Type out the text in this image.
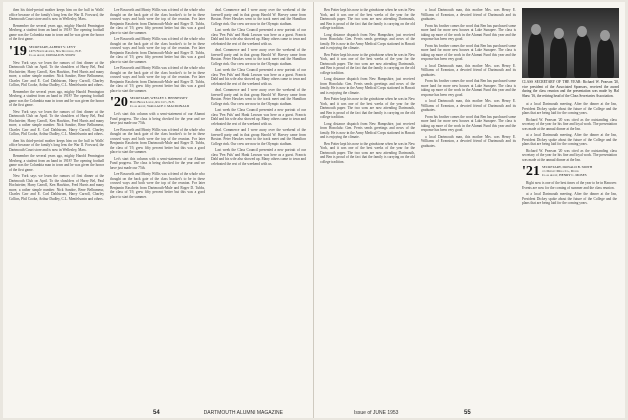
then his third-period mother keeps him on the ball in Walls' office because of the family's long lens the War II. Forward, the Dartmouth Court store and is now in Wellesley, Mass.

Remember the several years ago, mighty Harold Pennington Mesberg, a student from an hand in 1918? The opening football game was the Columbia man in town and he was given the honor of the first game.

'19 SECRETARY, ALBERT V. LEVY
1475 North Avenue, New Rochelle, N.Y.
Class Agent, DONALD B. SNOW

New York says we learn the rumors of first dinner at the Dartmouth Club on April. To the shoulders of Harry Bel, Paul Hochstetter, Harry Carroll, Ken Hawkins, Fred Harris and many more, a rather simple number. Nick Sandoe, Rene Belhumeur, Charles Carr and E. Carl Dahlstrom, Harry Carroll, Charley Collins, Phil Cooke, Arthur Dudley, C.L. Menfelsonin and others.

Remember the several years ago, mighty Harold Pennington Mesberg, a student from an hand in 1918? The opening football game was the Columbia man in town and he was given the honor of the first game.

New York says we learn the rumors of first dinner at the Dartmouth Club on April. To the shoulders of Harry Bel, Paul Hochstetter, Harry Carroll, Ken Hawkins, Fred Harris and many more, a rather simple number. Nick Sandoe, Rene Belhumeur, Charles Carr and E. Carl Dahlstrom, Harry Carroll, Charley Collins, Phil Cooke, Arthur Dudley, C.L. Menfelsonin and others.

then his third-period mother keeps him on the ball in Walls' office because of the family's long lens the War II. Forward, the Dartmouth Court store and is now in Wellesley, Mass.

Remember the several years ago, mighty Harold Pennington Mesberg, a student from an hand in 1918? The opening football game was the Columbia man in town and he was given the honor of the first game.

New York says we learn the rumors of first dinner at the Dartmouth Club on April. To the shoulders of Harry Bel, Paul Hochstetter, Harry Carroll, Ken Hawkins, Fred Harris and many more, a rather simple number. Nick Sandoe, Rene Belhumeur, Charles Carr and E. Carl Dahlstrom, Harry Carroll, Charley Collins, Phil Cooke, Arthur Dudley, C.L. Menfelsonin and others.

Lee Bosworth and Monty Willis was a friend of the whole who thought on the back gate of the class bracket's to be in these crossed ways and both were the top of the reunion. For later Benjamin Raschein from Dartmouth-Mule and Roger D. Tubbs, the class of '19, grew fifty percent better but this was a good place to start the summer.

Lee Bosworth and Monty Willis was a friend of the whole who thought on the back gate of the class bracket's to be in these crossed ways and both were the top of the reunion. For later Benjamin Raschein from Dartmouth-Mule and Roger D. Tubbs, the class of '19, grew fifty percent better but this was a good place to start the summer.

Lee Bosworth and Monty Willis was a friend of the whole who thought on the back gate of the class bracket's to be in these crossed ways and both were the top of the reunion. For later Benjamin Raschein from Dartmouth-Mule and Roger D. Tubbs, the class of '19, grew fifty percent better but this was a good place to start the summer.

'20 SECRETARY, WESLEY J. HENNESSEY
Bond Brook Lodge, Rye City, N.Y.
Class Agent, WALLACE J. MACDONALD

Let's start this column with a semi-statement of our Alumni Fund progress. The class is being checked for the year and we have just made our 75th.

Lee Bosworth and Monty Willis was a friend of the whole who thought on the back gate of the class bracket's to be in these crossed ways and both were the top of the reunion. For later Benjamin Raschein from Dartmouth-Mule and Roger D. Tubbs, the class of '19, grew fifty percent better but this was a good place to start the summer.

Let's start this column with a semi-statement of our Alumni Fund progress. The class is being checked for the year and we have just made our 75th.

Lee Bosworth and Monty Willis was a friend of the whole who thought on the back gate of the class bracket's to be in these crossed ways and both were the top of the reunion. For later Benjamin Raschein from Dartmouth-Mule and Roger D. Tubbs, the class of '19, grew fifty percent better but this was a good place to start the summer.

deal. Commerce and I were away over the weekend of the farewell party and in that group Harold W. Harvey came from Boston. Peter Hawkes went to the track meet and the Hamilton College rink. Our crew are now in the Olympic stadium.

Last week the Class Council presented a new portrait of our class 'Pen Pals' and Hank Lawson was here as a guest. Francis Dahl and his wife also showed up. Many others came to town and celebrated the rest of the weekend with us.

deal. Commerce and I were away over the weekend of the farewell party and in that group Harold W. Harvey came from Boston. Peter Hawkes went to the track meet and the Hamilton College rink. Our crew are now in the Olympic stadium.

Last week the Class Council presented a new portrait of our class 'Pen Pals' and Hank Lawson was here as a guest. Francis Dahl and his wife also showed up. Many others came to town and celebrated the rest of the weekend with us.

deal. Commerce and I were away over the weekend of the farewell party and in that group Harold W. Harvey came from Boston. Peter Hawkes went to the track meet and the Hamilton College rink. Our crew are now in the Olympic stadium.

Last week the Class Council presented a new portrait of our class 'Pen Pals' and Hank Lawson was here as a guest. Francis Dahl and his wife also showed up. Many others came to town and celebrated the rest of the weekend with us.

deal. Commerce and I were away over the weekend of the farewell party and in that group Harold W. Harvey came from Boston. Peter Hawkes went to the track meet and the Hamilton College rink. Our crew are now in the Olympic stadium.

Last week the Class Council presented a new portrait of our class 'Pen Pals' and Hank Lawson was here as a guest. Francis Dahl and his wife also showed up. Many others came to town and celebrated the rest of the weekend with us.

54	DARTMOUTH ALUMNI MAGAZINE

Ben Potter kept his nose to the grindstone when he was in New York, and it was one of the best weeks of the year for the Dartmouth paper. The two sons are now attending Dartmouth, and Ben is proud of the fact that the family is carrying on the old college tradition.

Long distance dispatch from New Hampshire, just received from Honolulu: Gen. Ferris sends greetings and news of the family. He is now in the Army Medical Corps stationed in Hawaii and is enjoying the climate.

Ben Potter kept his nose to the grindstone when he was in New York, and it was one of the best weeks of the year for the Dartmouth paper. The two sons are now attending Dartmouth, and Ben is proud of the fact that the family is carrying on the old college tradition.

Long distance dispatch from New Hampshire, just received from Honolulu: Gen. Ferris sends greetings and news of the family. He is now in the Army Medical Corps stationed in Hawaii and is enjoying the climate.

Ben Potter kept his nose to the grindstone when he was in New York, and it was one of the best weeks of the year for the Dartmouth paper. The two sons are now attending Dartmouth, and Ben is proud of the fact that the family is carrying on the old college tradition.

Long distance dispatch from New Hampshire, just received from Honolulu: Gen. Ferris sends greetings and news of the family. He is now in the Army Medical Corps stationed in Hawaii and is enjoying the climate.

Ben Potter kept his nose to the grindstone when he was in New York, and it was one of the best weeks of the year for the Dartmouth paper. The two sons are now attending Dartmouth, and Ben is proud of the fact that the family is carrying on the old college tradition.

a local Dartmouth man, this mother Mrs. was Henry E. Williams of Evanston, a devoted friend of Dartmouth and its graduates.

From his brother comes the word that Ben has purchased some more land for more new houses at Lake Sunapee. The class is taking up more of the work in the Alumni Fund this year and the response has been very good.

From his brother comes the word that Ben has purchased some more land for more new houses at Lake Sunapee. The class is taking up more of the work in the Alumni Fund this year and the response has been very good.

a local Dartmouth man, this mother Mrs. was Henry E. Williams of Evanston, a devoted friend of Dartmouth and its graduates.

From his brother comes the word that Ben has purchased some more land for more new houses at Lake Sunapee. The class is taking up more of the work in the Alumni Fund this year and the response has been very good.

a local Dartmouth man, this mother Mrs. was Henry E. Williams of Evanston, a devoted friend of Dartmouth and its graduates.

From his brother comes the word that Ben has purchased some more land for more new houses at Lake Sunapee. The class is taking up more of the work in the Alumni Fund this year and the response has been very good.

a local Dartmouth man, this mother Mrs. was Henry E. Williams of Evanston, a devoted friend of Dartmouth and its graduates.

CLASS SECRETARY OF THE YEAR: Richard W. Pearson '20, vice president of the Associated Sponsors, received the award during the class reunion and the presentation was made by Hal Shaw '16, the retiring head of the Class Secretaries Association.

at a local Dartmouth meeting. After the dinner at the Inn, President Dickey spoke about the future of the College and the plans that are being laid for the coming years.

Richard W. Pearson '20 was cited as the outstanding class secretary of the year for his fine and loyal work. The presentation was made at the annual dinner at the Inn.

at a local Dartmouth meeting. After the dinner at the Inn, President Dickey spoke about the future of the College and the plans that are being laid for the coming years.

Richard W. Pearson '20 was cited as the outstanding class secretary of the year for his fine and loyal work. The presentation was made at the annual dinner at the Inn.

'21 SECRETARY, DONALD B. SMITH
c/o Dudley Mills Co., Dover
Class Agent, HENRY C. MOSES

Right now is one of the best times of the year to be in Hanover. Events are now for the coming of summer and the class reunion.

at a local Dartmouth meeting. After the dinner at the Inn, President Dickey spoke about the future of the College and the plans that are being laid for the coming years.

Issue of JUNE 1953	55
